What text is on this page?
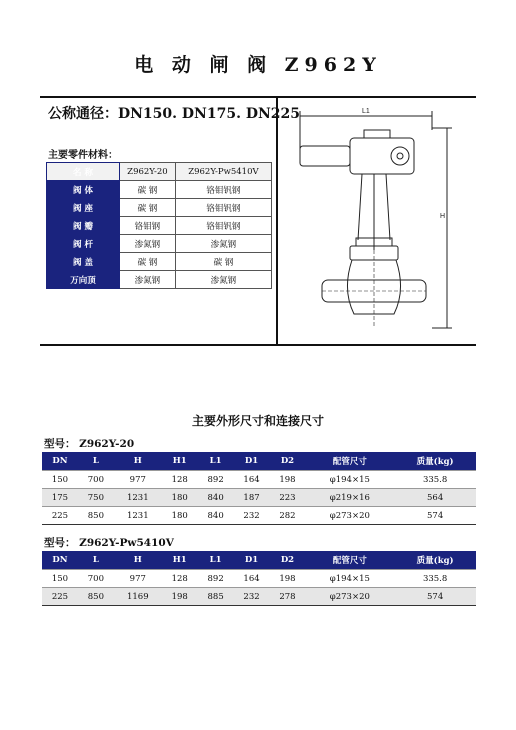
电 动 闸 阀 Z962Y
公称通径：DN150. DN175. DN225
主要零件材料：
名 称	Z962Y-20	Z962Y-Pw5410V
阀 体	碳 钢	铬钼钒钢
阀 座	碳 钢	铬钼钒钢
阀 瓣	铬钼钢	铬钼钒钢
阀 杆	渗氮钢	渗氮钢
阀 盖	碳 钢	碳 钢
万向顶	渗氮钢	渗氮钢
L1
H
主要外形尺寸和连接尺寸
型号： Z962Y-20
DN	L	H	H1	L1	D1	D2	配管尺寸	质量(kg)
150	700	977	128	892	164	198	φ194×15	335.8
175	750	1231	180	840	187	223	φ219×16	564
225	850	1231	180	840	232	282	φ273×20	574
型号： Z962Y-Pw5410V
DN	L	H	H1	L1	D1	D2	配管尺寸	质量(kg)
150	700	977	128	892	164	198	φ194×15	335.8
225	850	1169	198	885	232	278	φ273×20	574
